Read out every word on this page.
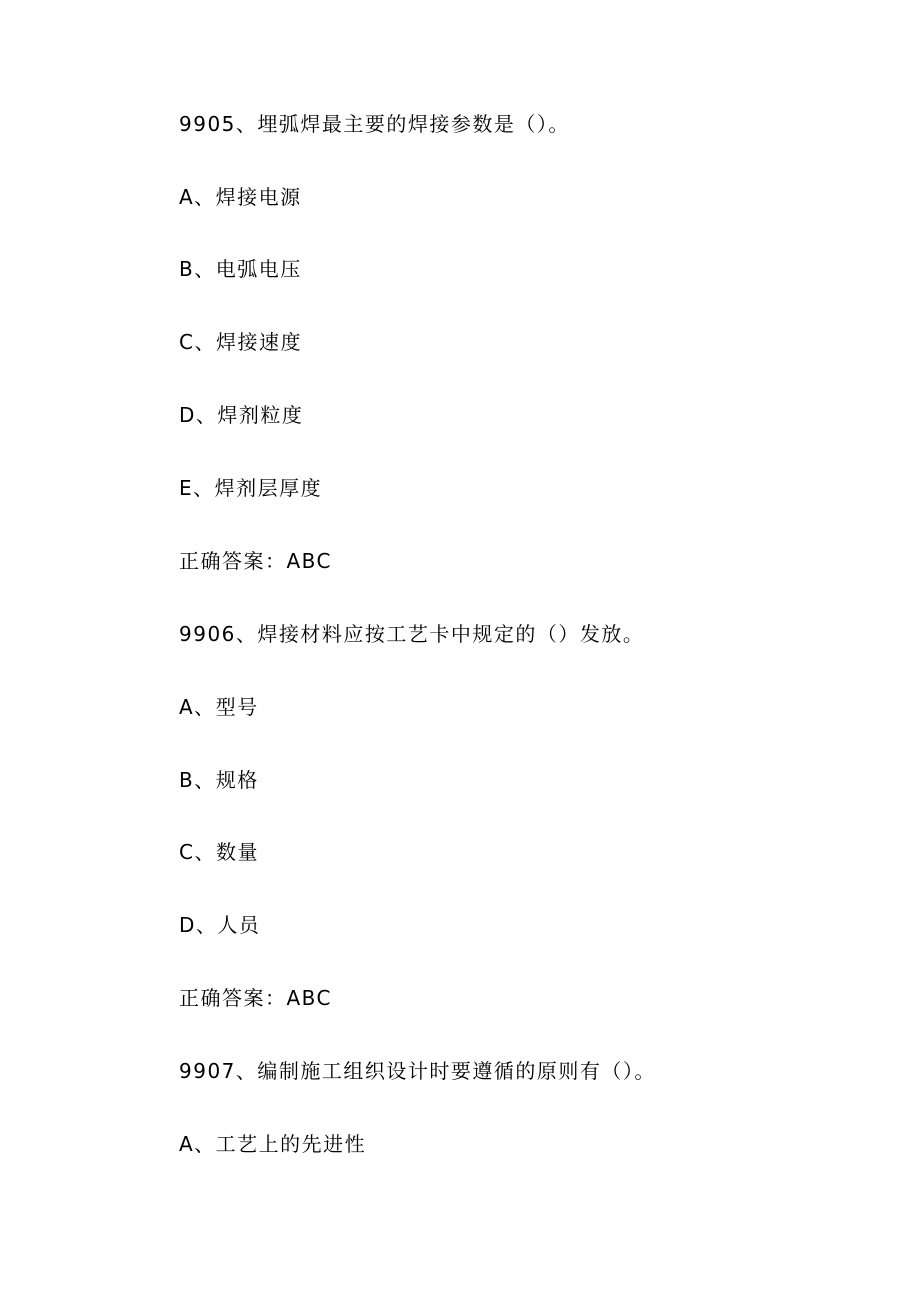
9905、埋弧焊最主要的焊接参数是（）。
A、焊接电源
B、电弧电压
C、焊接速度
D、焊剂粒度
E、焊剂层厚度
正确答案：ABC
9906、焊接材料应按工艺卡中规定的（）发放。
A、型号
B、规格
C、数量
D、人员
正确答案：ABC
9907、编制施工组织设计时要遵循的原则有（）。
A、工艺上的先进性
